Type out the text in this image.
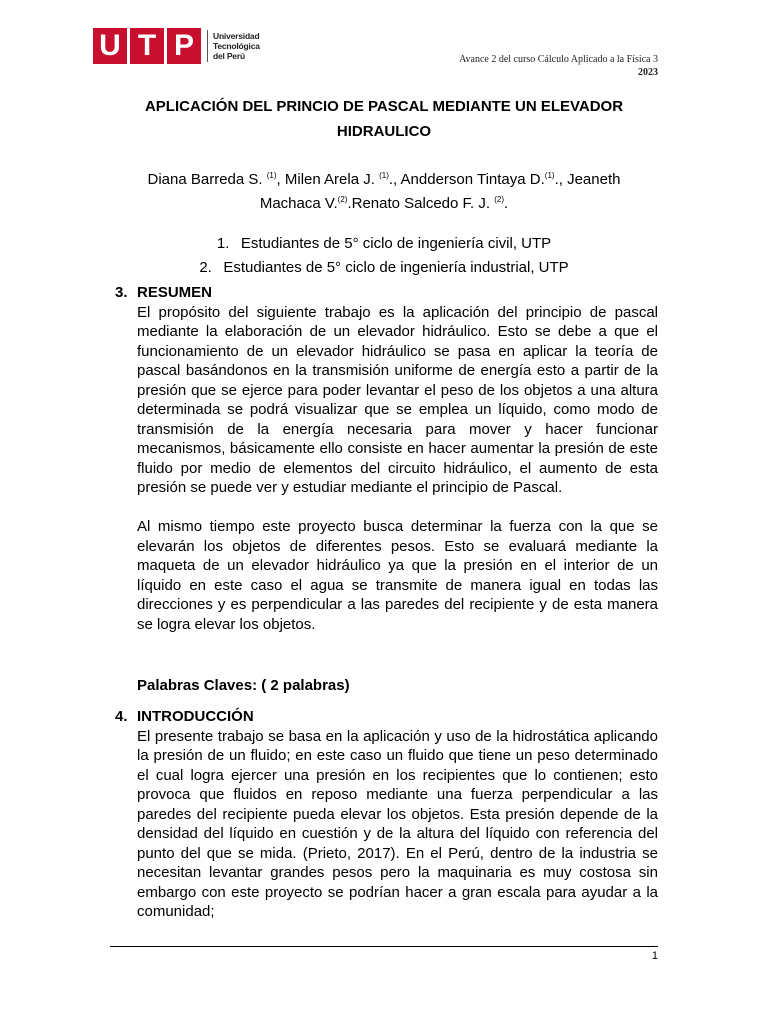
U T P	Universidad
Tecnológica
del Perú	Avance 2 del curso Cálculo Aplicado a la Física 3
2023
APLICACIÓN DEL PRINCIO DE PASCAL MEDIANTE UN ELEVADOR
HIDRAULICO
Diana Barreda S. $^{(1)}$, Milen Arela J. $^{(1)}$., Andderson Tintaya D.$^{(1)}$., Jeaneth
Machaca V.$^{(2)}$.Renato Salcedo F. J. $^{(2)}$.
1. Estudiantes de 5° ciclo de ingeniería civil, UTP
2. Estudiantes de 5° ciclo de ingeniería industrial, UTP
3. RESUMEN
El propósito del siguiente trabajo es la aplicación del principio de pascal mediante la elaboración de un elevador hidráulico. Esto se debe a que el funcionamiento de un elevador hidráulico se pasa en aplicar la teoría de pascal basándonos en la transmisión uniforme de energía esto a partir de la presión que se ejerce para poder levantar el peso de los objetos a una altura determinada se podrá visualizar que se emplea un líquido, como modo de transmisión de la energía necesaria para mover y hacer funcionar mecanismos, básicamente ello consiste en hacer aumentar la presión de este fluido por medio de elementos del circuito hidráulico, el aumento de esta presión se puede ver y estudiar mediante el principio de Pascal.
Al mismo tiempo este proyecto busca determinar la fuerza con la que se elevarán los objetos de diferentes pesos. Esto se evaluará mediante la maqueta de un elevador hidráulico ya que la presión en el interior de un líquido en este caso el agua se transmite de manera igual en todas las direcciones y es perpendicular a las paredes del recipiente y de esta manera se logra elevar los objetos.
Palabras Claves: ( 2 palabras)
4. INTRODUCCIÓN
El presente trabajo se basa en la aplicación y uso de la hidrostática aplicando la presión de un fluido; en este caso un fluido que tiene un peso determinado el cual logra ejercer una presión en los recipientes que lo contienen; esto provoca que fluidos en reposo mediante una fuerza perpendicular a las paredes del recipiente pueda elevar los objetos. Esta presión depende de la densidad del líquido en cuestión y de la altura del líquido con referencia del punto del que se mida. (Prieto, 2017). En el Perú, dentro de la industria se necesitan levantar grandes pesos pero la maquinaria es muy costosa sin embargo con este proyecto se podrían hacer a gran escala para ayudar a la comunidad;
1
